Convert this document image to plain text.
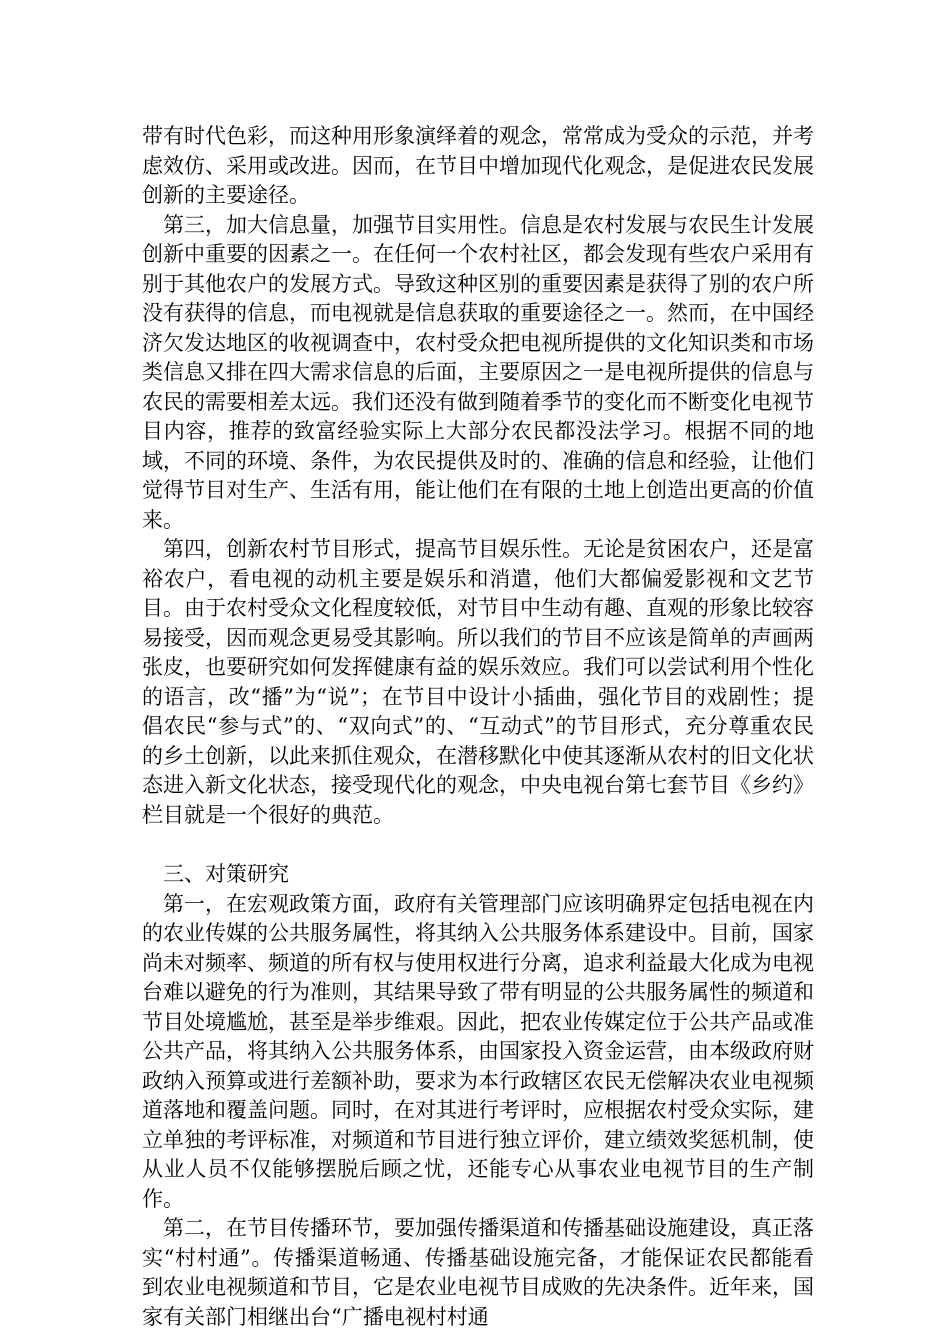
带有时代色彩，而这种用形象演绎着的观念，常常成为受众的示范，并考虑效仿、采用或改进。因而，在节目中增加现代化观念，是促进农民发展创新的主要途径。

第三，加大信息量，加强节目实用性。信息是农村发展与农民生计发展创新中重要的因素之一。在任何一个农村社区，都会发现有些农户采用有别于其他农户的发展方式。导致这种区别的重要因素是获得了别的农户所没有获得的信息，而电视就是信息获取的重要途径之一。然而，在中国经济欠发达地区的收视调查中，农村受众把电视所提供的文化知识类和市场类信息又排在四大需求信息的后面，主要原因之一是电视所提供的信息与农民的需要相差太远。我们还没有做到随着季节的变化而不断变化电视节目内容，推荐的致富经验实际上大部分农民都没法学习。根据不同的地域，不同的环境、条件，为农民提供及时的、准确的信息和经验，让他们觉得节目对生产、生活有用，能让他们在有限的土地上创造出更高的价值来。

第四，创新农村节目形式，提高节目娱乐性。无论是贫困农户，还是富裕农户，看电视的动机主要是娱乐和消遣，他们大都偏爱影视和文艺节目。由于农村受众文化程度较低，对节目中生动有趣、直观的形象比较容易接受，因而观念更易受其影响。所以我们的节目不应该是简单的声画两张皮，也要研究如何发挥健康有益的娱乐效应。我们可以尝试利用个性化的语言，改“播”为“说”；在节目中设计小插曲，强化节目的戏剧性；提倡农民“参与式”的、“双向式”的、“互动式”的节目形式，充分尊重农民的乡土创新，以此来抓住观众，在潜移默化中使其逐渐从农村的旧文化状态进入新文化状态，接受现代化的观念，中央电视台第七套节目《乡约》栏目就是一个很好的典范。

三、对策研究

第一，在宏观政策方面，政府有关管理部门应该明确界定包括电视在内的农业传媒的公共服务属性，将其纳入公共服务体系建设中。目前，国家尚未对频率、频道的所有权与使用权进行分离，追求利益最大化成为电视台难以避免的行为准则，其结果导致了带有明显的公共服务属性的频道和节目处境尴尬，甚至是举步维艰。因此，把农业传媒定位于公共产品或准公共产品，将其纳入公共服务体系，由国家投入资金运营，由本级政府财政纳入预算或进行差额补助，要求为本行政辖区农民无偿解决农业电视频道落地和覆盖问题。同时，在对其进行考评时，应根据农村受众实际，建立单独的考评标准，对频道和节目进行独立评价，建立绩效奖惩机制，使从业人员不仅能够摆脱后顾之忧，还能专心从事农业电视节目的生产制作。

第二，在节目传播环节，要加强传播渠道和传播基础设施建设，真正落实“村村通”。传播渠道畅通、传播基础设施完备，才能保证农民都能看到农业电视频道和节目，它是农业电视节目成败的先决条件。近年来，国家有关部门相继出台“广播电视村村通
